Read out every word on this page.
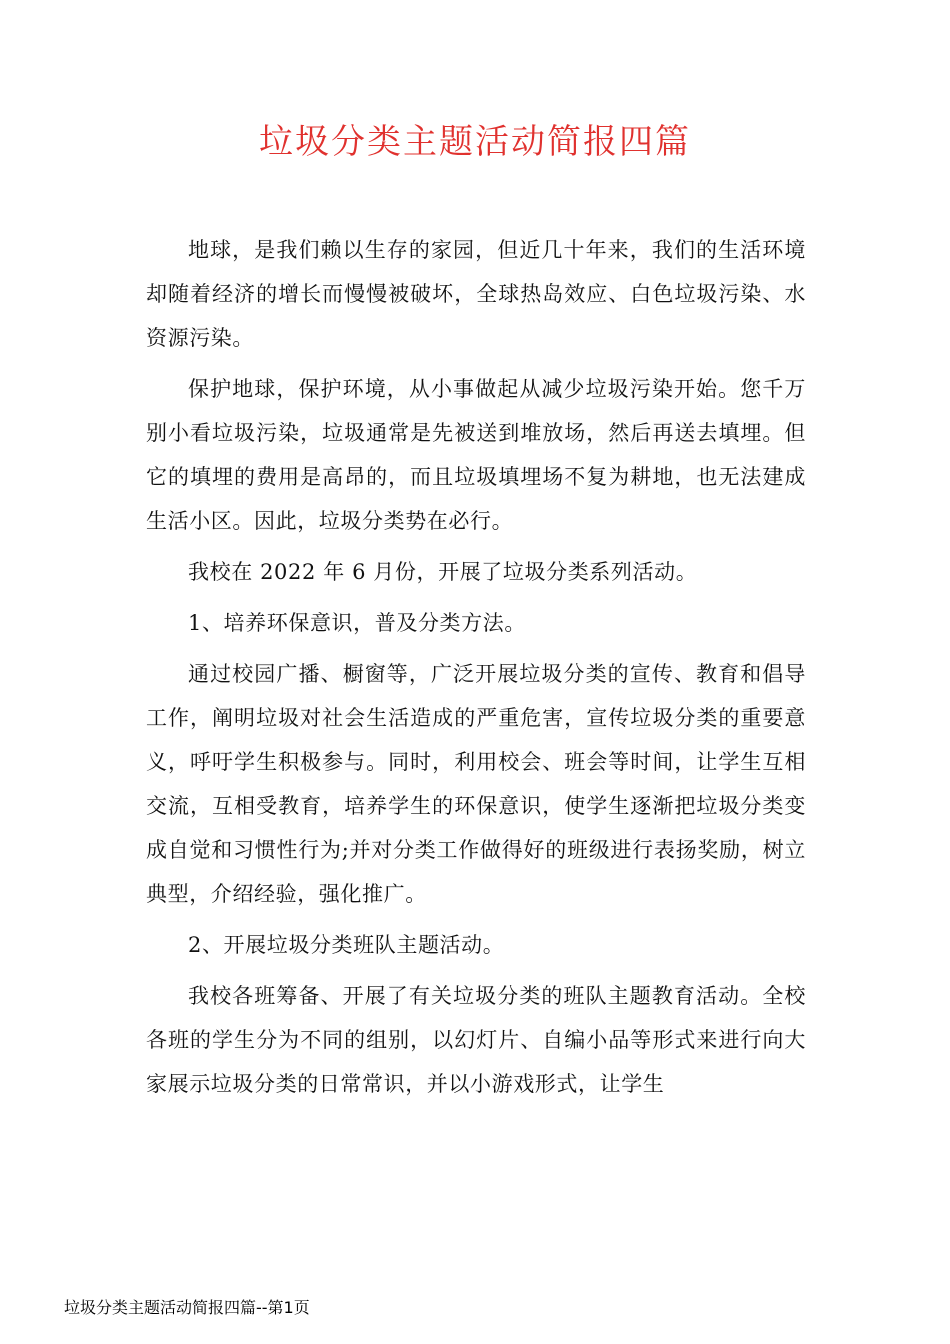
垃圾分类主题活动简报四篇

地球，是我们赖以生存的家园，但近几十年来，我们的生活环境却随着经济的增长而慢慢被破坏，全球热岛效应、白色垃圾污染、水资源污染。

保护地球，保护环境，从小事做起从减少垃圾污染开始。您千万别小看垃圾污染，垃圾通常是先被送到堆放场，然后再送去填埋。但它的填埋的费用是高昂的，而且垃圾填埋场不复为耕地，也无法建成生活小区。因此，垃圾分类势在必行。

我校在 2022 年 6 月份，开展了垃圾分类系列活动。

1、培养环保意识，普及分类方法。

通过校园广播、橱窗等，广泛开展垃圾分类的宣传、教育和倡导工作，阐明垃圾对社会生活造成的严重危害，宣传垃圾分类的重要意义，呼吁学生积极参与。同时，利用校会、班会等时间，让学生互相交流，互相受教育，培养学生的环保意识，使学生逐渐把垃圾分类变成自觉和习惯性行为;并对分类工作做得好的班级进行表扬奖励，树立典型，介绍经验，强化推广。

2、开展垃圾分类班队主题活动。

我校各班筹备、开展了有关垃圾分类的班队主题教育活动。全校各班的学生分为不同的组别，以幻灯片、自编小品等形式来进行向大家展示垃圾分类的日常常识，并以小游戏形式，让学生

垃圾分类主题活动简报四篇--第1页
